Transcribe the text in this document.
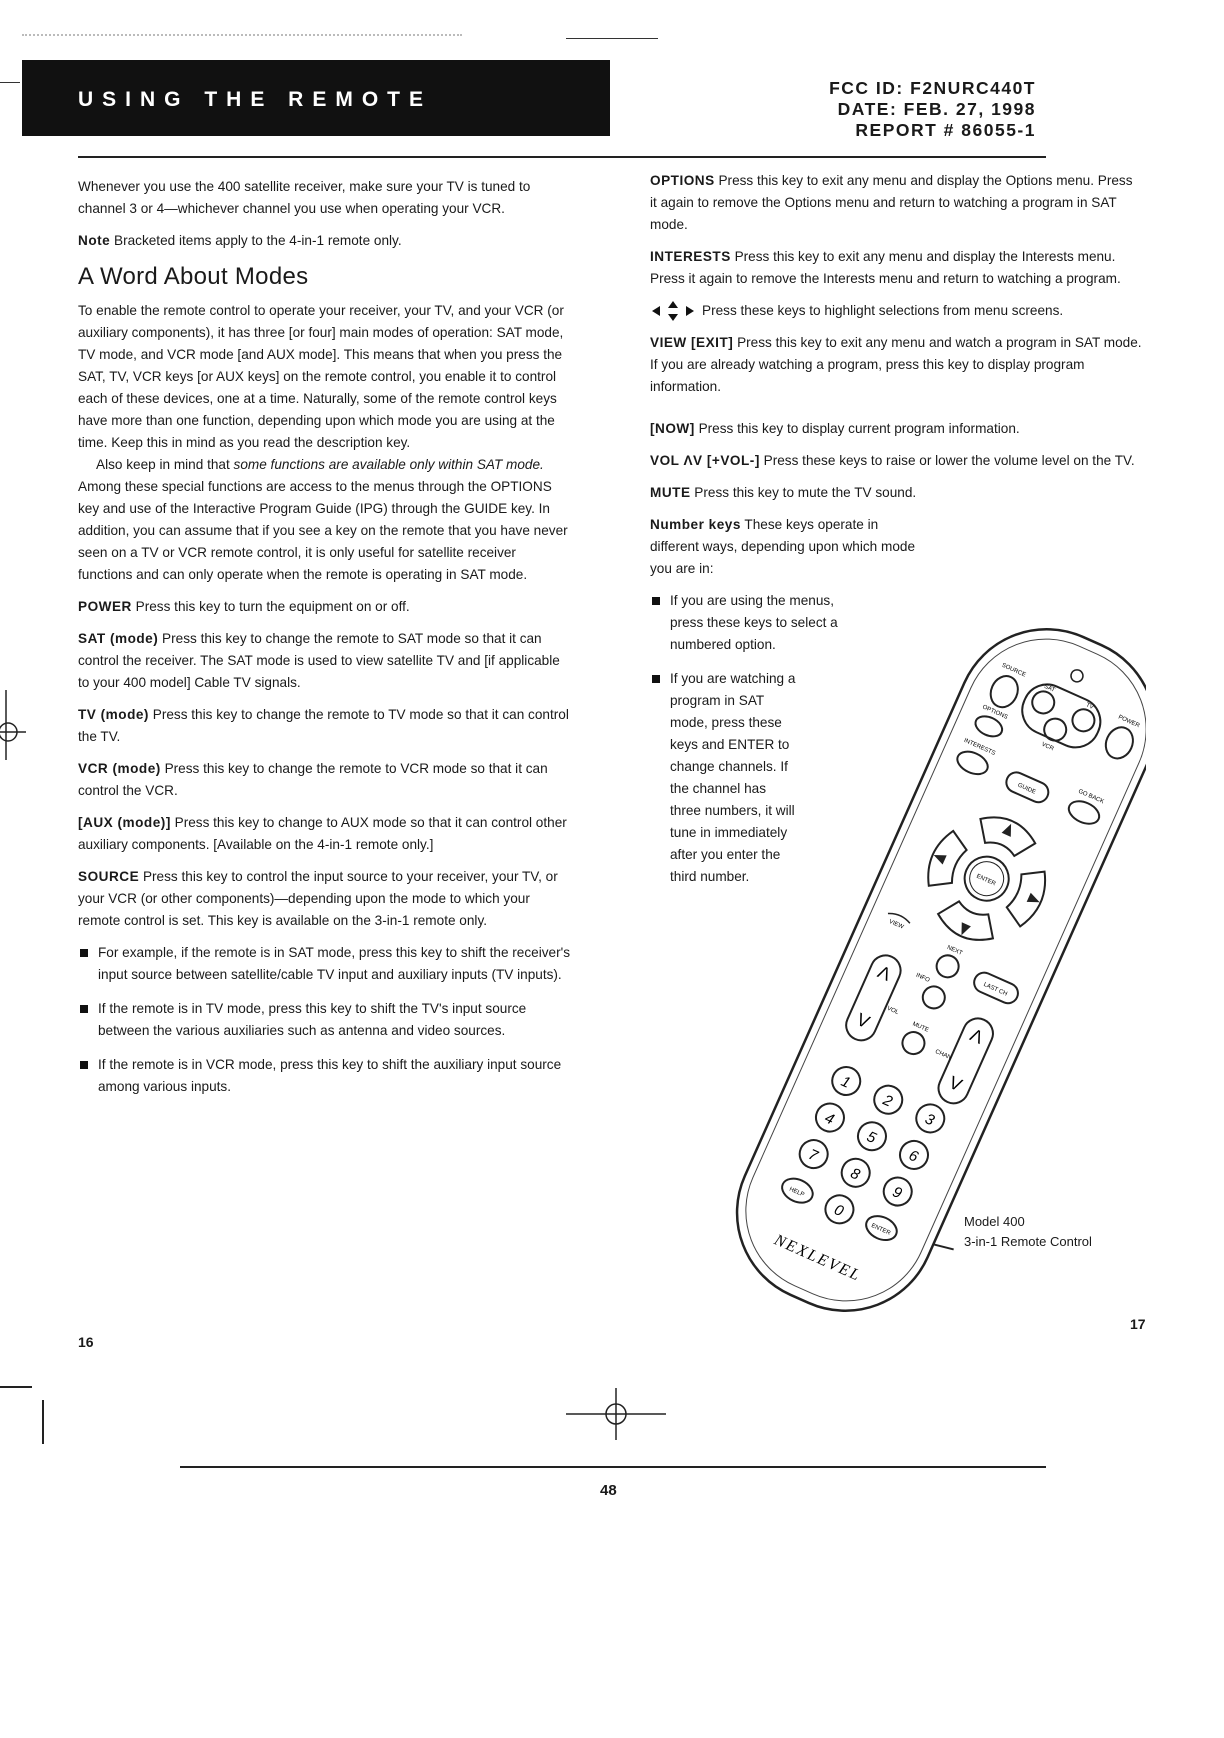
USING THE REMOTE	FCC ID: F2NURC440T
DATE: FEB. 27, 1998
REPORT # 86055-1

Whenever you use the 400 satellite receiver, make sure your TV is tuned to channel 3 or 4—whichever channel you use when operating your VCR.

Note Bracketed items apply to the 4-in-1 remote only.

A Word About Modes

To enable the remote control to operate your receiver, your TV, and your VCR (or auxiliary components), it has three [or four] main modes of operation: SAT mode, TV mode, and VCR mode [and AUX mode]. This means that when you press the SAT, TV, VCR keys [or AUX keys] on the remote control, you enable it to control each of these devices, one at a time. Naturally, some of the remote control keys have more than one function, depending upon which mode you are using at the time. Keep this in mind as you read the description key.

Also keep in mind that some functions are available only within SAT mode. Among these special functions are access to the menus through the OPTIONS key and use of the Interactive Program Guide (IPG) through the GUIDE key. In addition, you can assume that if you see a key on the remote that you have never seen on a TV or VCR remote control, it is only useful for satellite receiver functions and can only operate when the remote is operating in SAT mode.

POWER Press this key to turn the equipment on or off.

SAT (mode) Press this key to change the remote to SAT mode so that it can control the receiver. The SAT mode is used to view satellite TV and [if applicable to your 400 model] Cable TV signals.

TV (mode) Press this key to change the remote to TV mode so that it can control the TV.

VCR (mode) Press this key to change the remote to VCR mode so that it can control the VCR.

[AUX (mode)] Press this key to change to AUX mode so that it can control other auxiliary components. [Available on the 4-in-1 remote only.]

SOURCE Press this key to control the input source to your receiver, your TV, or your VCR (or other components)—depending upon the mode to which your remote control is set. This key is available on the 3-in-1 remote only.

For example, if the remote is in SAT mode, press this key to shift the receiver's input source between satellite/cable TV input and auxiliary inputs (TV inputs).
If the remote is in TV mode, press this key to shift the TV's input source between the various auxiliaries such as antenna and video sources.
If the remote is in VCR mode, press this key to shift the auxiliary input source among various inputs.
16

OPTIONS Press this key to exit any menu and display the Options menu. Press it again to remove the Options menu and return to watching a program in SAT mode.

INTERESTS Press this key to exit any menu and display the Interests menu. Press it again to remove the Interests menu and return to watching a program.

Press these keys to highlight selections from menu screens.

VIEW [EXIT] Press this key to exit any menu and watch a program in SAT mode. If you are already watching a program, press this key to display program information.

[NOW] Press this key to display current program information.

VOL ΛV [+VOL-] Press these keys to raise or lower the volume level on the TV.

MUTE Press this key to mute the TV sound.

Number keys These keys operate in different ways, depending upon which mode you are in:

If you are using the menus, press these keys to select a numbered option.
If you are watching a program in SAT mode, press these keys and ENTER to change channels. If the channel has three numbers, it will tune in immediately after you enter the third number.
SOURCE
SAT
TV
VCR
POWER
OPTIONS
INTERESTS
GUIDE	GO BACK
ENTER
VIEW
NEXT
LAST CH
INFO
Λ
V VOL
Λ
V
CHAN
MUTE
1
2
3
4
5
6
7
8
9
HELP
0
ENTER
NEXLEVEL
Model 400
3-in-1 Remote Control
17
48
